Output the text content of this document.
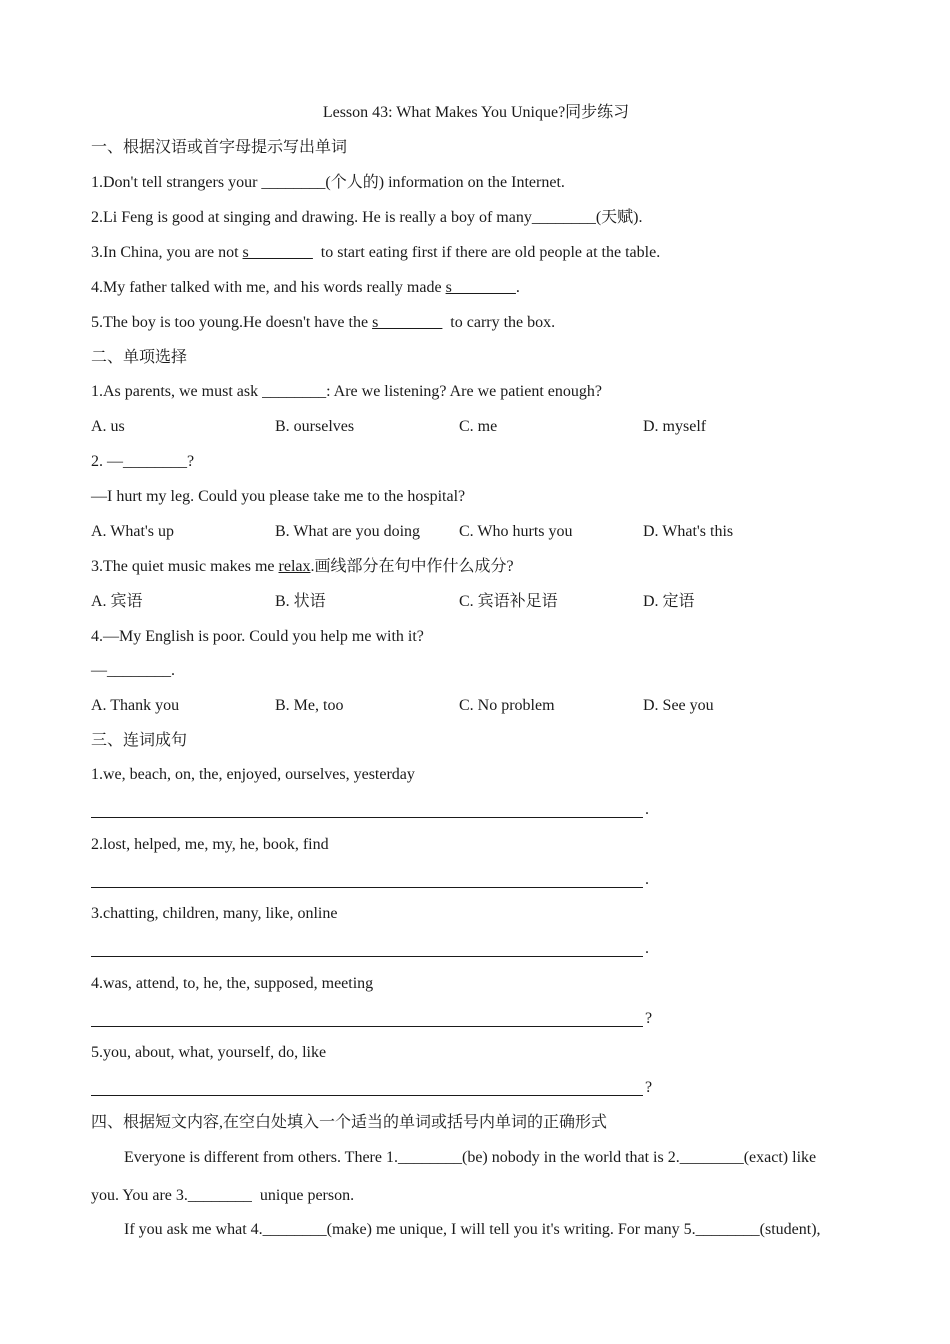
Lesson 43: What Makes You Unique?同步练习
一、根据汉语或首字母提示写出单词
1.Don't tell strangers your ________(个人的) information on the Internet.
2.Li Feng is good at singing and drawing. He is really a boy of many________(天赋).
3.In China, you are not s________  to start eating first if there are old people at the table.
4.My father talked with me, and his words really made s________.
5.The boy is too young.He doesn't have the s________  to carry the box.
二、单项选择
1.As parents, we must ask ________: Are we listening? Are we patient enough?
A. us	B. ourselves	C. me	D. myself
2. —________?
—I hurt my leg. Could you please take me to the hospital?
A. What's up	B. What are you doing C. Who hurts you	D. What's this
3.The quiet music makes me relax.画线部分在句中作什么成分?
A. 宾语	B. 状语	C. 宾语补足语	D. 定语
4.—My English is poor. Could you help me with it?
—________.
A. Thank you	B. Me, too	C. No problem	D. See you
三、连词成句
1.we, beach, on, the, enjoyed, ourselves, yesterday
.
2.lost, helped, me, my, he, book, find
.
3.chatting, children, many, like, online
.
4.was, attend, to, he, the, supposed, meeting
?
5.you, about, what, yourself, do, like
?
四、根据短文内容,在空白处填入一个适当的单词或括号内单词的正确形式
Everyone is different from others. There 1.________(be) nobody in the world that is 2.________(exact) like
you. You are 3.________  unique person.
If you ask me what 4.________(make) me unique, I will tell you it's writing. For many 5.________(student),
